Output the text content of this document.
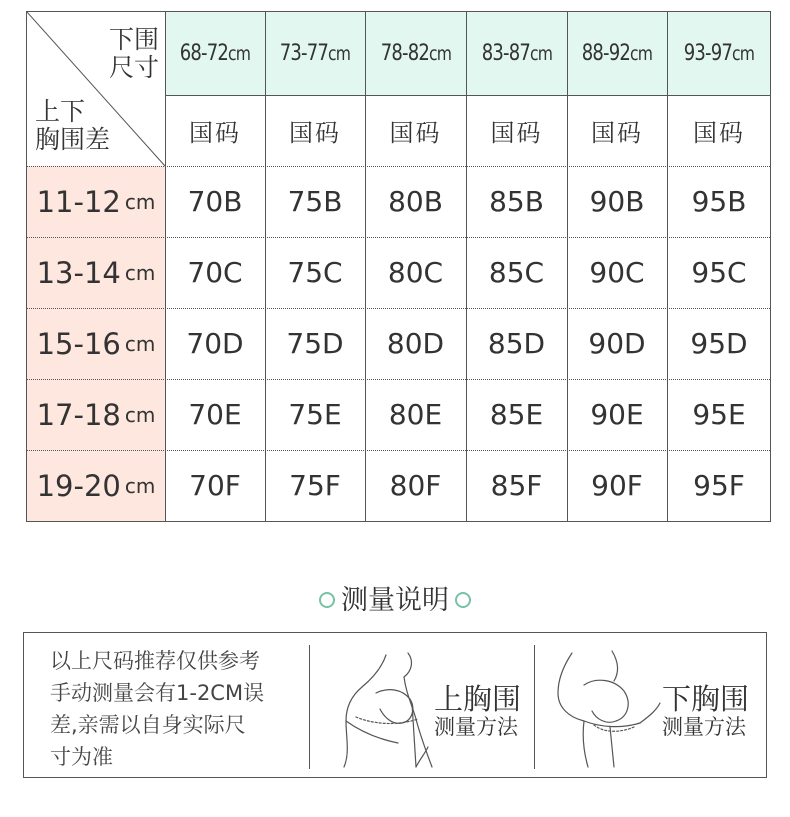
下围
尺寸
上下
胸围差
68-72cm 73-77cm 78-82cm 83-87cm 88-92cm 93-97cm
国码	国码	国码	国码	国码	国码
11-12 cm	70B	75B	80B	85B	90B	95B
13-14 cm	70C	75C	80C	85C	90C	95C
15-16 cm	70D	75D	80D	85D	90D	95D
17-18 cm	70E	75E	80E	85E	90E	95E
19-20 cm	70F	75F	80F	85F	90F	95F
测量说明
以上尺码推荐仅供参考
手动测量会有1-2CM误
差,亲需以自身实际尺
寸为准
上胸围
测量方法
下胸围
测量方法
